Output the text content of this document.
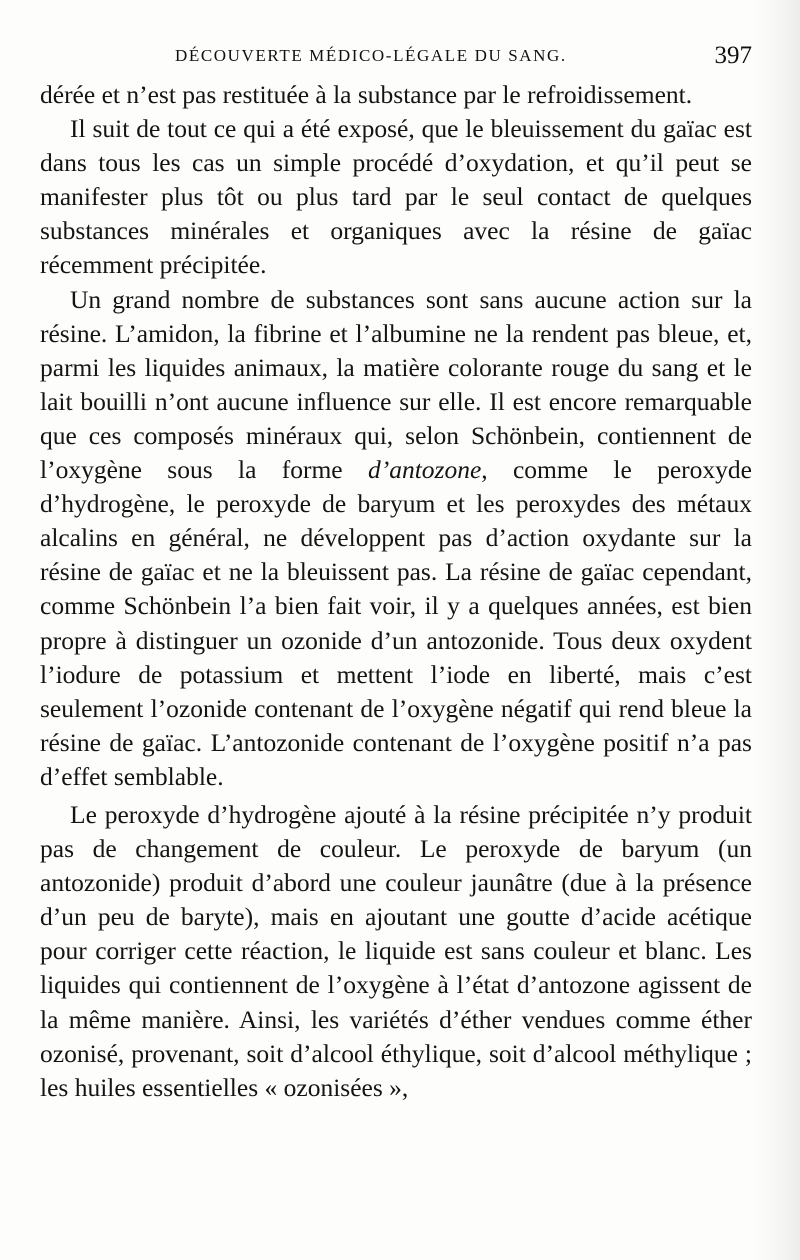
DÉCOUVERTE MÉDICO-LÉGALE DU SANG.	397

dérée et n’est pas restituée à la substance par le refroidissement.

Il suit de tout ce qui a été exposé, que le bleuissement du gaïac est dans tous les cas un simple procédé d’oxydation, et qu’il peut se manifester plus tôt ou plus tard par le seul contact de quelques substances minérales et organiques avec la résine de gaïac récemment précipitée.

Un grand nombre de substances sont sans aucune action sur la résine. L’amidon, la fibrine et l’albumine ne la rendent pas bleue, et, parmi les liquides animaux, la matière colorante rouge du sang et le lait bouilli n’ont aucune influence sur elle. Il est encore remarquable que ces composés minéraux qui, selon Schönbein, contiennent de l’oxygène sous la forme d’antozone, comme le peroxyde d’hydrogène, le peroxyde de baryum et les peroxydes des métaux alcalins en général, ne développent pas d’action oxydante sur la résine de gaïac et ne la bleuissent pas. La résine de gaïac cependant, comme Schönbein l’a bien fait voir, il y a quelques années, est bien propre à distinguer un ozonide d’un antozonide. Tous deux oxydent l’iodure de potassium et mettent l’iode en liberté, mais c’est seulement l’ozonide contenant de l’oxygène négatif qui rend bleue la résine de gaïac. L’antozonide contenant de l’oxygène positif n’a pas d’effet semblable.

Le peroxyde d’hydrogène ajouté à la résine précipitée n’y produit pas de changement de couleur. Le peroxyde de baryum (un antozonide) produit d’abord une couleur jaunâtre (due à la présence d’un peu de baryte), mais en ajoutant une goutte d’acide acétique pour corriger cette réaction, le liquide est sans couleur et blanc. Les liquides qui contiennent de l’oxygène à l’état d’antozone agissent de la même manière. Ainsi, les variétés d’éther vendues comme éther ozonisé, provenant, soit d’alcool éthylique, soit d’alcool méthylique ; les huiles essentielles « ozonisées »,
